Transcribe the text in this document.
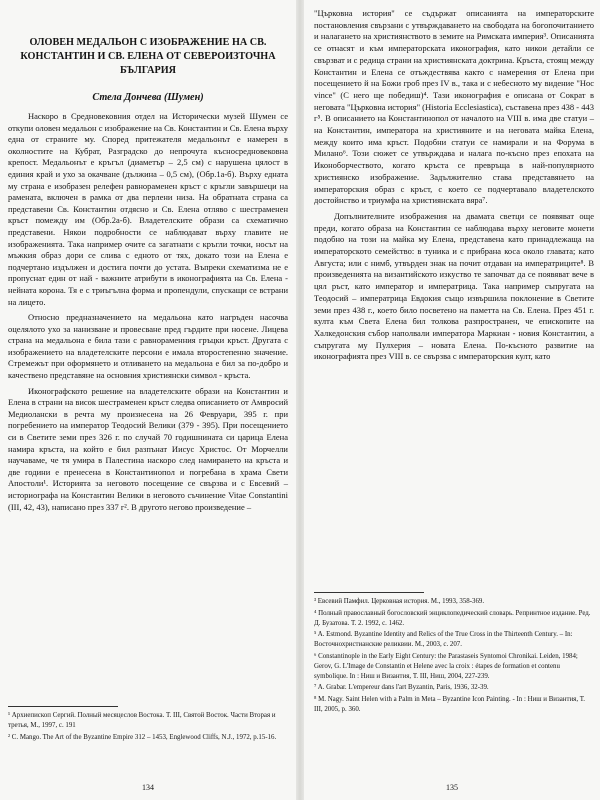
ОЛОВЕН МЕДАЛЬОН С ИЗОБРАЖЕНИЕ НА СВ. КОНСТАНТИН И СВ. ЕЛЕНА ОТ СЕВЕРОИЗТОЧНА БЪЛГАРИЯ
Стела Дончева (Шумен)

Наскоро в Средновековния отдел на Исторически музей Шумен се откупи оловен медальон с изображение на Св. Константин и Св. Елена върху една от страните му. Според притежателя медальонът е намерен в околностите на Кубрат, Разградско до непрочута късносредновековна крепост. Медальонът е кръгъл (диаметър – 2,5 см) с нарушена цялост в единия край и ухо за окачване (дължина – 0,5 см), (Обр.1а-б). Върху едната му страна е изобразен релефен равнораменен кръст с кръгли завършеци на рамената, включен в рамка от два перлени низа. На обратната страна са представени Св. Константин отдясно и Св. Елена отляво с шестраменен кръст помежду им (Обр.2а-б). Владетелските образи са схематично представени. Някои подробности се наблюдават върху главите не изображенията. Така например очите са загатнати с кръгли точки, носът на мъжкия образ дори се слива с едното от тях, докато този на Елена е подчертано издължен и достига почти до устата. Въпреки схематизма не е пропуснат един от най - важните атрибути в иконографията на Св. Елена - нейната корона. Тя е с триъгълна форма и пропендули, спускащи се встрани на лицето.

Относно предназначението на медальона като нагръден насочва оцелялото ухо за нанизване и провесване пред гърдите при носене. Лицева страна на медальона е била тази с равнораменния гръцки кръст. Другата с изображението на владетелските персони е имала второстепенно значение. Стремежът при оформянето и отливането на медальона е бил за по-добро и качествено представяне на основния християнски символ - кръста.

Иконографското решение на владетелските образи на Константин и Елена в страни на висок шестраменен кръст следва описанието от Амвросий Медиолански в речта му произнесена на 26 Февруари, 395 г. при погребението на император Теодосий Велики (379 - 395). При посещението си в Светите земи през 326 г. по случай 70 годишнината си царица Елена намира кръста, на който е бил разпънат Иисус Христос. От Морчелли научаваме, че тя умира в Палестина наскоро след намирането на кръста и две години е пренесена в Константинопол и погребана в храма Свети Апостоли¹. Историята за неговото посещение се свързва и с Евсевий – историографа на Константин Велики в неговото съчинение Vitae Constantini (III, 42, 43), написано през 337 г². В другото негово произведение –

¹ Архиепископ Сергий. Полный месяцеслов Востока. Т. III, Святой Восток. Части Вторая и третья, М., 1997, с. 191

² C. Mango. The Art of the Byzantine Empire 312 – 1453, Englewood Cliffs, N.J., 1972, p.15-16.

134

"Църковна история" се съдържат описанията на императорските постановления свързани с утвърждаването на свободата на богопочитанието и налагането на християнството в земите на Римската империя³. Описанията се отнасят и към императорската иконография, като никои детайли се свързват и с редица страни на християнската доктрина. Кръста, стоящ между Константин и Елена се отъждествява както с намерения от Елена при посещението й на Божи гроб през IV в., така и с небесното му видение "Hoc vince" (С него ще победиш)⁴. Тази иконография е описана от Сократ в неговата "Църковна история" (Historia Ecclesiastica), съставена през 438 - 443 г⁵. В описанието на Константинопол от началото на VIII в. има две статуи – на Константин, императора на християните и на неговата майка Елена, между които има кръст. Подобни статуи се намирали и на Форума в Милано⁶. Този сюжет се утвърждава и налага по-късно през епохата на Иконоборчеството, когато кръста се превръща в най-популярното християнско изображение. Задължително става представянето на императорския образ с кръст, с което се подчертавало владетелското достойнство и триумфа на християнската вяра⁷.

Допълнителните изображения на двамата светци се появяват още преди, когато образа на Константин се наблюдава върху неговите монети подобно на този на майка му Елена, представена като принадлежаща на императорското семейство: в туника и с прибрана коса около главата; като Августа; или с нимб, утвърден знак на почит отдаван на императриците⁸. В произведенията на византийското изкуство те започват да се появяват вече в цял ръст, като император и императрица. Така например съпругата на Теодосий – императрица Евдокия също извършила поклонение в Светите земи през 438 г., което било посветено на паметта на Св. Елена. През 451 г. култа към Света Елена бил толкова разпространен, че епископите на Халкедонския събор наполвали императора Маркиан - новия Константин, а съпругата му Пулхерия – новата Елена. По-късното развитие на иконографията през VIII в. се свързва с императорския култ, като

³ Евсевий Памфил. Церковная история. М., 1993, 358-369.

⁴ Полный православный богословский энциклопедический словарь. Репринтное издание. Ред. Д. Бузатова. Т. 2. 1992, с. 1462.

⁵ A. Estmond. Byzantine Identity and Relics of the True Cross in the Thirteenth Century. – In: Восточнохристианские реликвии. М., 2003, с. 207.

⁶ Constantinople in the Early Eight Century: the Parastaseis Syntomoi Chronikai. Leiden, 1984; Gerov, G. L'Image de Constantin et Helene avec la croix : étapes de formation et contenu symbolique. In : Ниш и Византия, Т. III, Ниш, 2004, 227-239.

⁷ A. Grabar. L'empereur dans l'art Byzantin, Paris, 1936, 32-39.

⁸ M. Nagy. Saint Helen with a Palm in Meta – Byzantine Icon Painting. - In : Ниш и Византия, Т. III, 2005, p. 360.

135
